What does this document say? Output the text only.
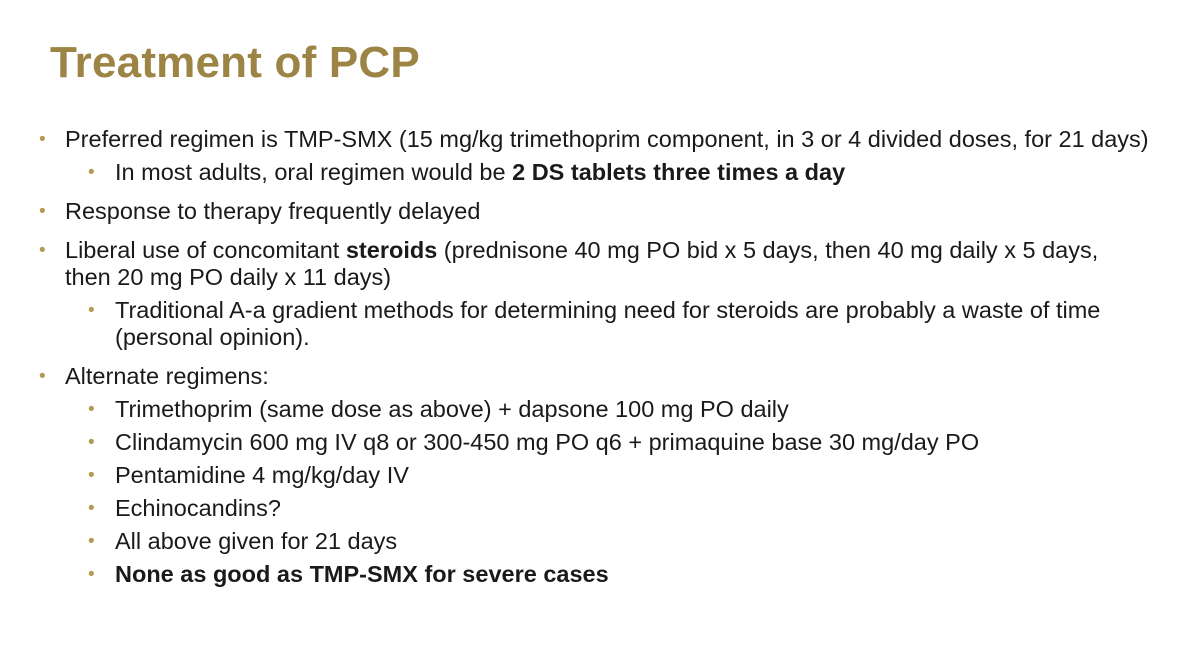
Treatment of PCP
• Preferred regimen is TMP-SMX (15 mg/kg trimethoprim component, in 3 or 4 divided doses, for 21 days)
• In most adults, oral regimen would be 2 DS tablets three times a day
• Response to therapy frequently delayed
• Liberal use of concomitant steroids (prednisone 40 mg PO bid x 5 days, then 40 mg daily x 5 days, then 20 mg PO daily x 11 days)
• Traditional A-a gradient methods for determining need for steroids are probably a waste of time (personal opinion).
• Alternate regimens:
• Trimethoprim (same dose as above) + dapsone 100 mg PO daily
• Clindamycin 600 mg IV q8 or 300-450 mg PO q6 + primaquine base 30 mg/day PO
• Pentamidine 4 mg/kg/day IV
• Echinocandins?
• All above given for 21 days
• None as good as TMP-SMX for severe cases
